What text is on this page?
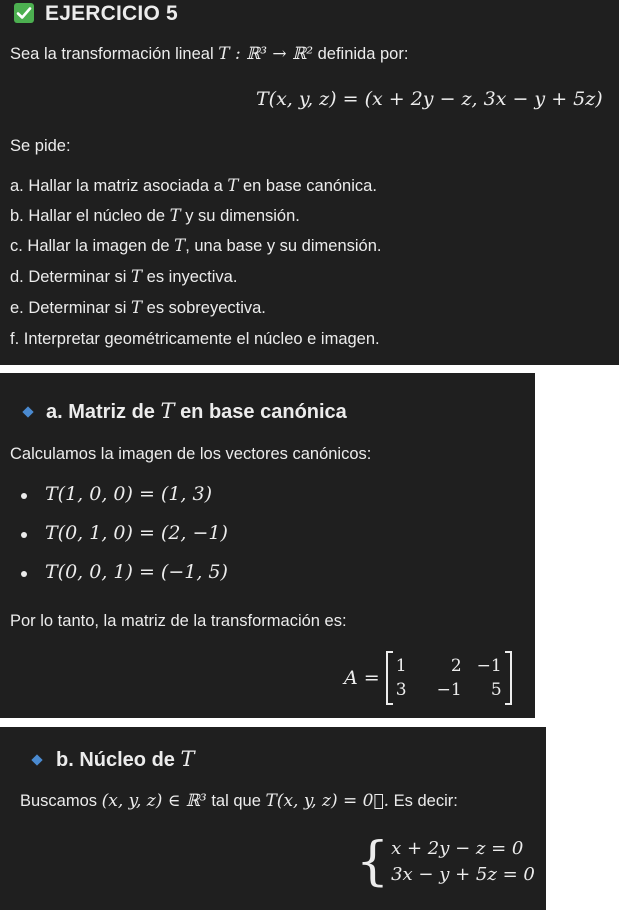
EJERCICIO 5
Sea la transformación lineal T : ℝ³ → ℝ² definida por:
T(x, y, z) = (x + 2y − z, 3x − y + 5z)
Se pide:
a. Hallar la matriz asociada a T en base canónica.
b. Hallar el núcleo de T y su dimensión.
c. Hallar la imagen de T, una base y su dimensión.
d. Determinar si T es inyectiva.
e. Determinar si T es sobreyectiva.
f. Interpretar geométricamente el núcleo e imagen.
a. Matriz de T en base canónica
Calculamos la imagen de los vectores canónicos:
T(1, 0, 0) = (1, 3)
T(0, 1, 0) = (2, −1)
T(0, 0, 1) = (−1, 5)
Por lo tanto, la matriz de la transformación es:
A =
1	2 −1
3	−1	5
b. Núcleo de T
Buscamos (x, y, z) ∈ ℝ³ tal que T(x, y, z) = 0⃗. Es decir:
{ x + 2y − z = 0
3x − y + 5z = 0
